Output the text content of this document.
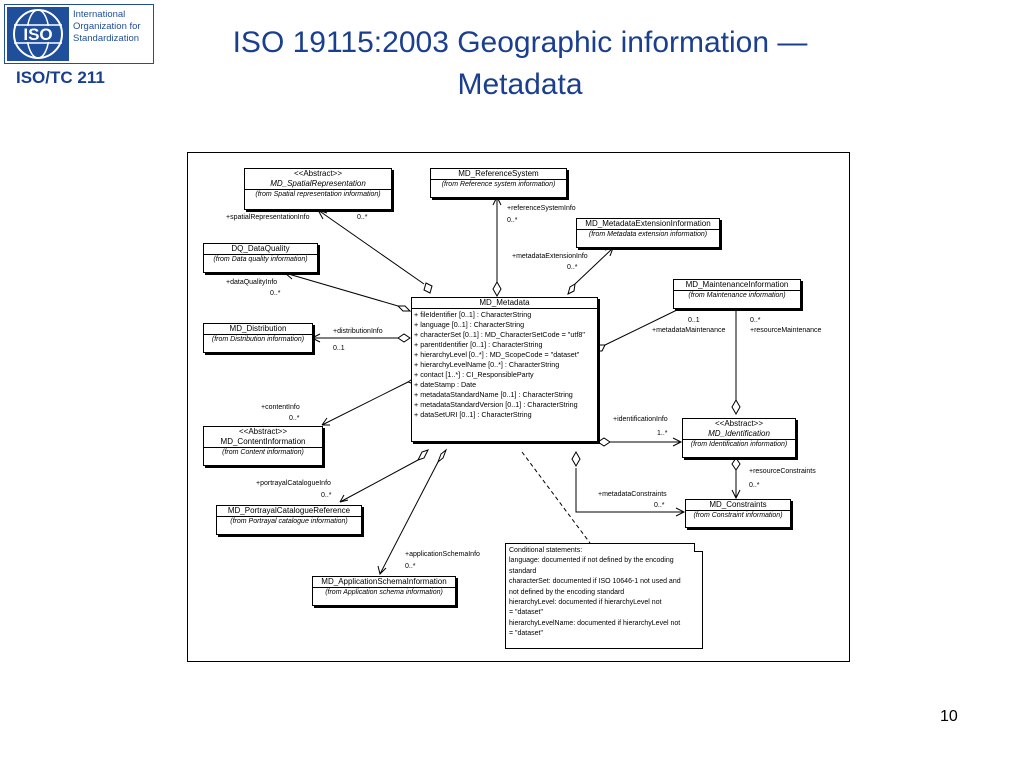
ISO
International
Organization for
Standardization
ISO/TC 211
ISO 19115:2003 Geographic information —
Metadata
<<Abstract>>
MD_SpatialRepresentation
(from Spatial representation information)
MD_ReferenceSystem
(from Reference system information)
MD_MetadataExtensionInformation
(from Metadata extension information)
DQ_DataQuality
(from Data quality information)
MD_MaintenanceInformation
(from Maintenance information)
MD_Distribution
(from Distribution information)
MD_Metadata
+ fileIdentifier [0..1] : CharacterString
+ language [0..1] : CharacterString
+ characterSet [0..1] : MD_CharacterSetCode = "utf8"
+ parentIdentifier [0..1] : CharacterString
+ hierarchyLevel [0..*] : MD_ScopeCode = "dataset"
+ hierarchyLevelName [0..*] : CharacterString
+ contact [1..*] : CI_ResponsibleParty
+ dateStamp : Date
+ metadataStandardName [0..1] : CharacterString
+ metadataStandardVersion [0..1] : CharacterString
+ dataSetURI [0..1] : CharacterString
<<Abstract>>
MD_ContentInformation
(from Content information)
<<Abstract>>
MD_Identification
(from Identification information)
MD_PortrayalCatalogueReference
(from Portrayal catalogue information)
MD_Constraints
(from Constraint information)
MD_ApplicationSchemaInformation
(from Application schema information)
+spatialRepresentationInfo	0..*
+referenceSystemInfo
0..*
+metadataExtensionInfo
0..*
+dataQualityInfo
0..*
+distributionInfo
0..1
0..1
+metadataMaintenance
0..*
+resourceMaintenance
+contentInfo
0..*	+identificationInfo
1..*
+resourceConstraints
0..*
+portrayalCatalogueInfo
0..*	+metadataConstraints
0..*
+applicationSchemaInfo
0..*
Conditional statements:
language: documented if not defined by the encoding
standard
characterSet: documented if ISO 10646-1 not used and
not defined by the encoding standard
hierarchyLevel: documented if hierarchyLevel not
= "dataset"
hierarchyLevelName: documented if hierarchyLevel not
= "dataset"
10
